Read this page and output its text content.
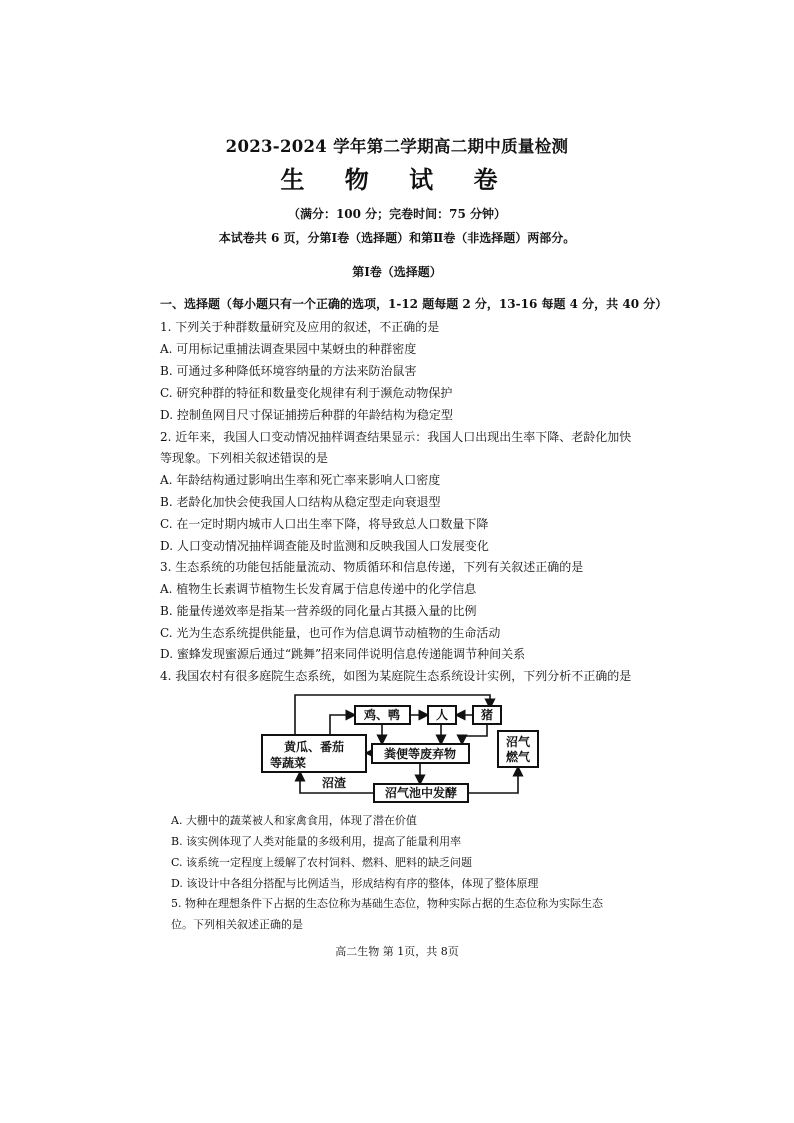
2023-2024 学年第二学期高二期中质量检测
生 物 试 卷
（满分：100 分；完卷时间：75 分钟）
本试卷共 6 页，分第Ⅰ卷（选择题）和第Ⅱ卷（非选择题）两部分。
第Ⅰ卷（选择题）
一、选择题（每小题只有一个正确的选项，1-12 题每题 2 分，13-16 每题 4 分，共 40 分）
1. 下列关于种群数量研究及应用的叙述，不正确的是
A. 可用标记重捕法调查果园中某蚜虫的种群密度
B. 可通过多种降低环境容纳量的方法来防治鼠害
C. 研究种群的特征和数量变化规律有利于濒危动物保护
D. 控制鱼网目尺寸保证捕捞后种群的年龄结构为稳定型
2. 近年来，我国人口变动情况抽样调查结果显示：我国人口出现出生率下降、老龄化加快
等现象。下列相关叙述错误的是
A. 年龄结构通过影响出生率和死亡率来影响人口密度
B. 老龄化加快会使我国人口结构从稳定型走向衰退型
C. 在一定时期内城市人口出生率下降，将导致总人口数量下降
D. 人口变动情况抽样调查能及时监测和反映我国人口发展变化
3. 生态系统的功能包括能量流动、物质循环和信息传递，下列有关叙述正确的是
A. 植物生长素调节植物生长发育属于信息传递中的化学信息
B. 能量传递效率是指某一营养级的同化量占其摄入量的比例
C. 光为生态系统提供能量，也可作为信息调节动植物的生命活动
D. 蜜蜂发现蜜源后通过“跳舞”招来同伴说明信息传递能调节种间关系
4. 我国农村有很多庭院生态系统，如图为某庭院生态系统设计实例，下列分析不正确的是
鸡、鸭	人	猪
黄瓜、番茄
等蔬菜
粪便等废弃物
沼气
燃气
沼渣
沼气池中发酵
A. 大棚中的蔬菜被人和家禽食用，体现了潜在价值
B. 该实例体现了人类对能量的多级利用，提高了能量利用率
C. 该系统一定程度上缓解了农村饲料、燃料、肥料的缺乏问题
D. 该设计中各组分搭配与比例适当，形成结构有序的整体，体现了整体原理
5. 物种在理想条件下占据的生态位称为基础生态位，物种实际占据的生态位称为实际生态
位。下列相关叙述正确的是
高二生物 第 1页，共 8页
